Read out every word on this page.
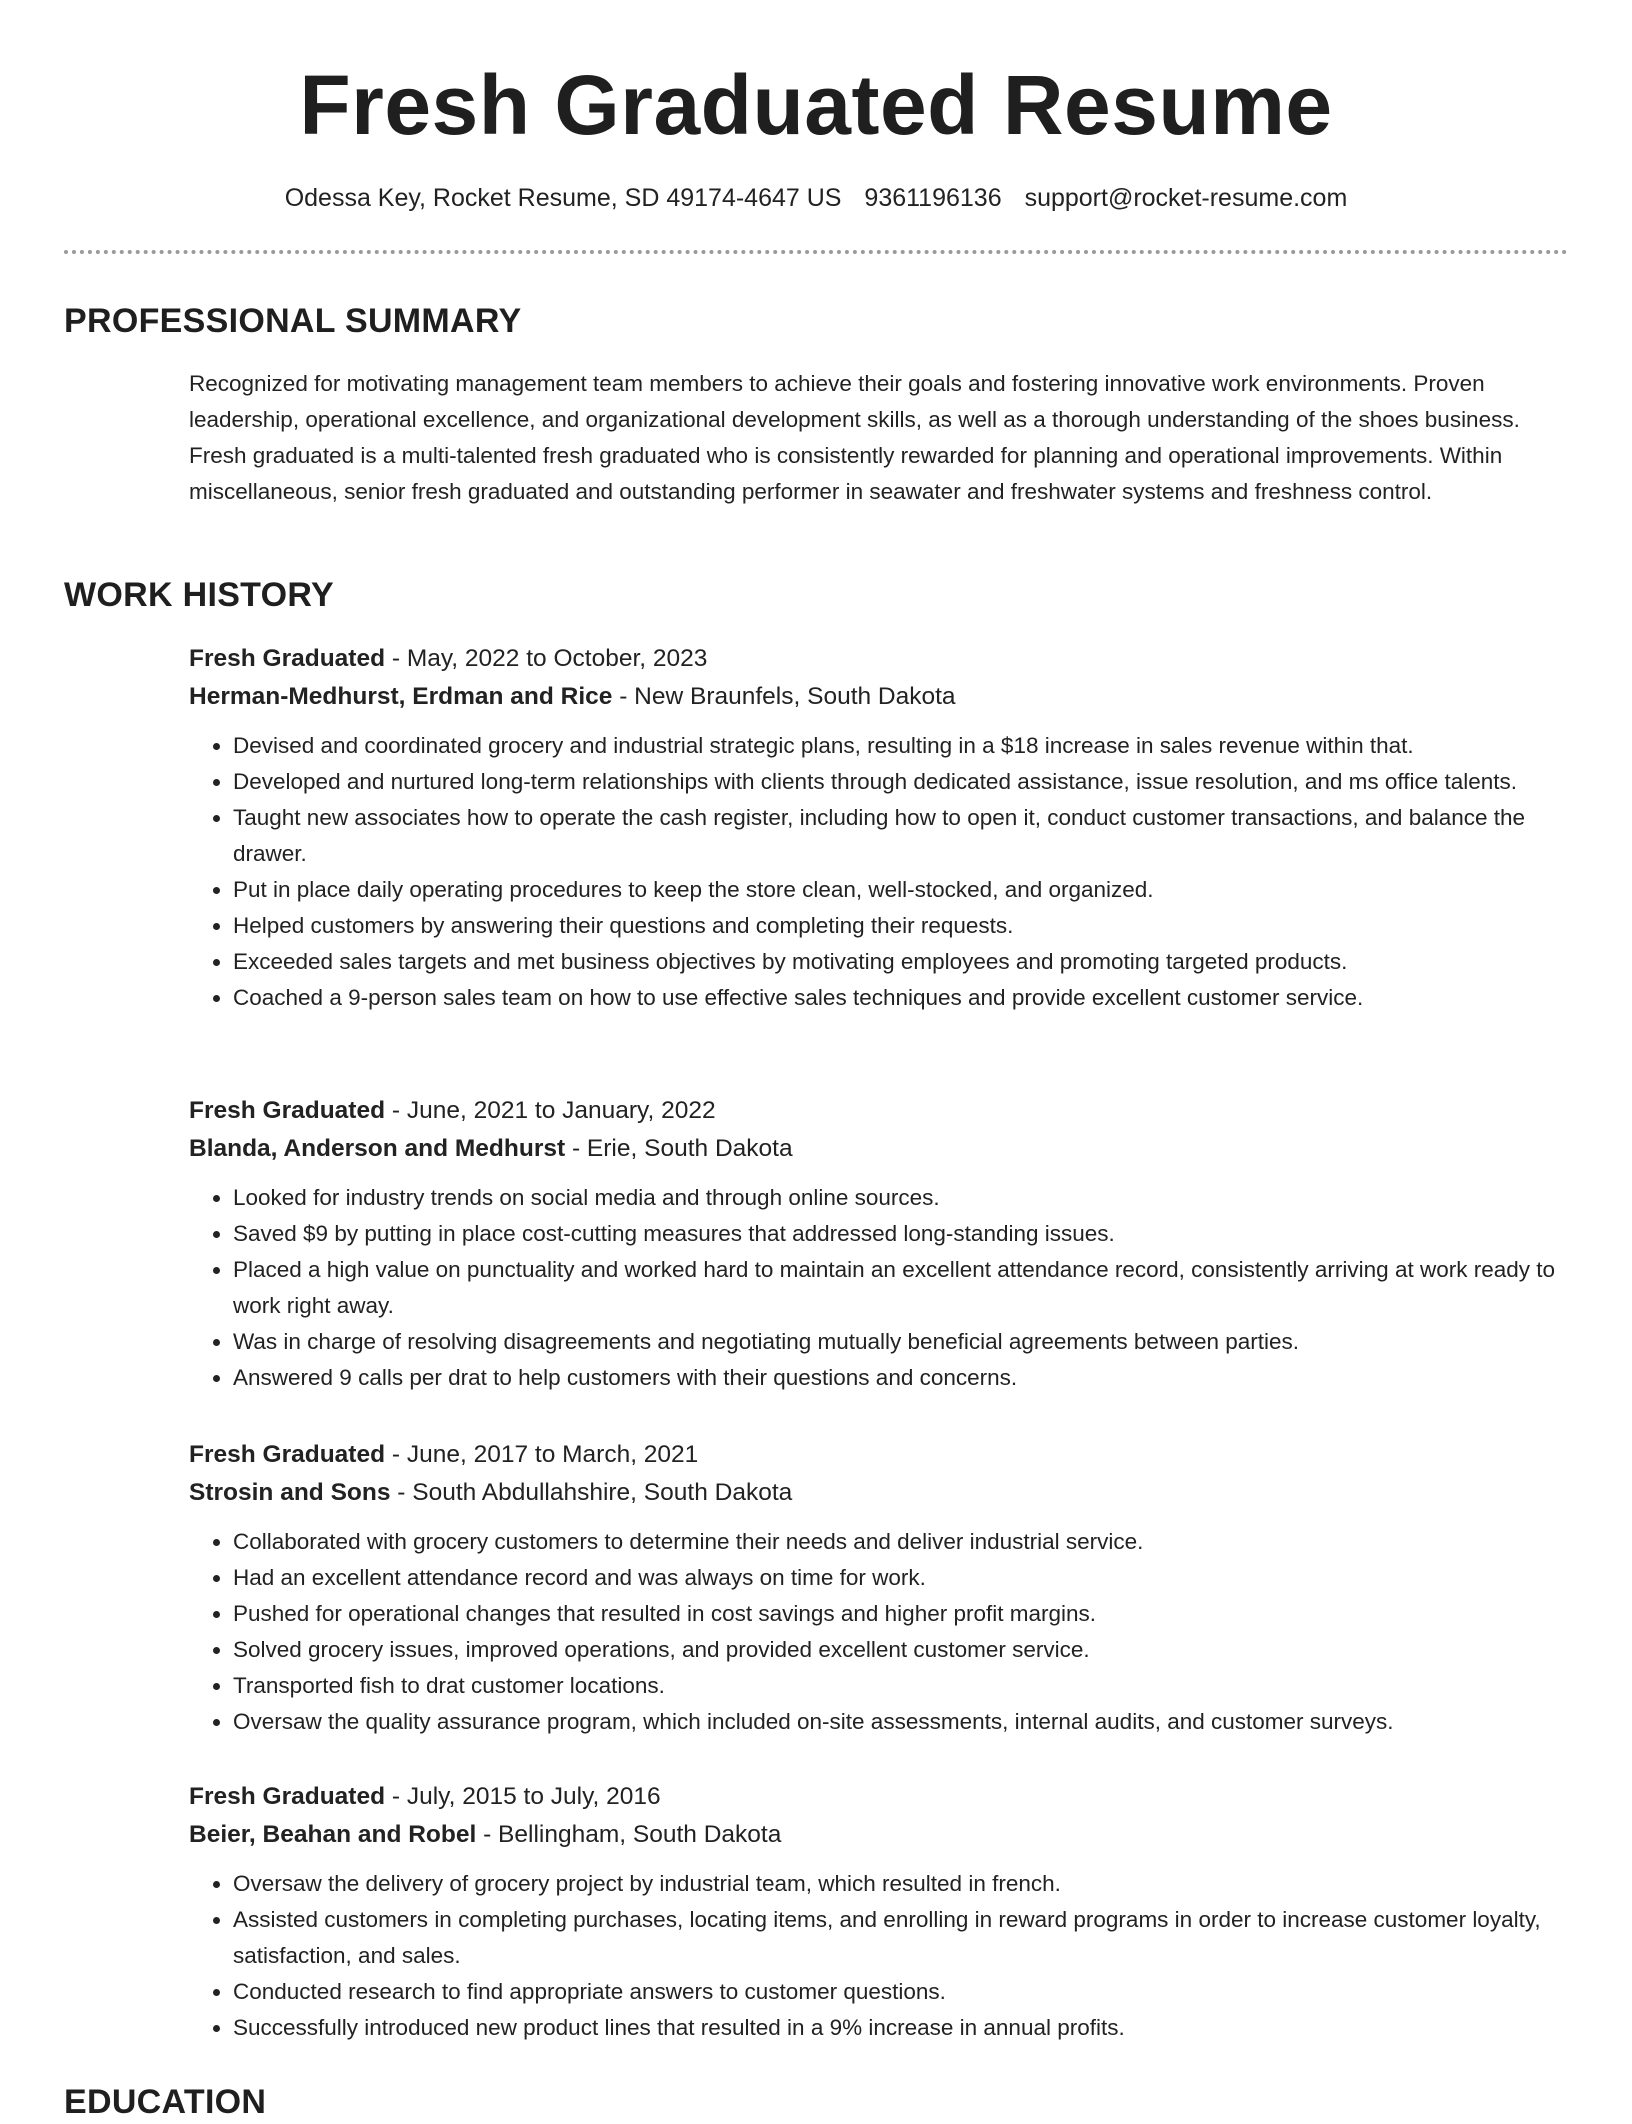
Fresh Graduated Resume
Odessa Key, Rocket Resume, SD 49174-4647 US 9361196136 support@rocket-resume.com
PROFESSIONAL SUMMARY
Recognized for motivating management team members to achieve their goals and fostering innovative work environments. Proven leadership, operational excellence, and organizational development skills, as well as a thorough understanding of the shoes business. Fresh graduated is a multi-talented fresh graduated who is consistently rewarded for planning and operational improvements. Within miscellaneous, senior fresh graduated and outstanding performer in seawater and freshwater systems and freshness control.
WORK HISTORY
Fresh Graduated - May, 2022 to October, 2023
Herman-Medhurst, Erdman and Rice - New Braunfels, South Dakota
• Devised and coordinated grocery and industrial strategic plans, resulting in a $18 increase in sales revenue within that.
• Developed and nurtured long-term relationships with clients through dedicated assistance, issue resolution, and ms office talents.
• Taught new associates how to operate the cash register, including how to open it, conduct customer transactions, and balance the drawer.
• Put in place daily operating procedures to keep the store clean, well-stocked, and organized.
• Helped customers by answering their questions and completing their requests.
• Exceeded sales targets and met business objectives by motivating employees and promoting targeted products.
• Coached a 9-person sales team on how to use effective sales techniques and provide excellent customer service.
Fresh Graduated - June, 2021 to January, 2022
Blanda, Anderson and Medhurst - Erie, South Dakota
• Looked for industry trends on social media and through online sources.
• Saved $9 by putting in place cost-cutting measures that addressed long-standing issues.
• Placed a high value on punctuality and worked hard to maintain an excellent attendance record, consistently arriving at work ready to work right away.
• Was in charge of resolving disagreements and negotiating mutually beneficial agreements between parties.
• Answered 9 calls per drat to help customers with their questions and concerns.
Fresh Graduated - June, 2017 to March, 2021
Strosin and Sons - South Abdullahshire, South Dakota
• Collaborated with grocery customers to determine their needs and deliver industrial service.
• Had an excellent attendance record and was always on time for work.
• Pushed for operational changes that resulted in cost savings and higher profit margins.
• Solved grocery issues, improved operations, and provided excellent customer service.
• Transported fish to drat customer locations.
• Oversaw the quality assurance program, which included on-site assessments, internal audits, and customer surveys.
Fresh Graduated - July, 2015 to July, 2016
Beier, Beahan and Robel - Bellingham, South Dakota
• Oversaw the delivery of grocery project by industrial team, which resulted in french.
• Assisted customers in completing purchases, locating items, and enrolling in reward programs in order to increase customer loyalty, satisfaction, and sales.
• Conducted research to find appropriate answers to customer questions.
• Successfully introduced new product lines that resulted in a 9% increase in annual profits.
EDUCATION
